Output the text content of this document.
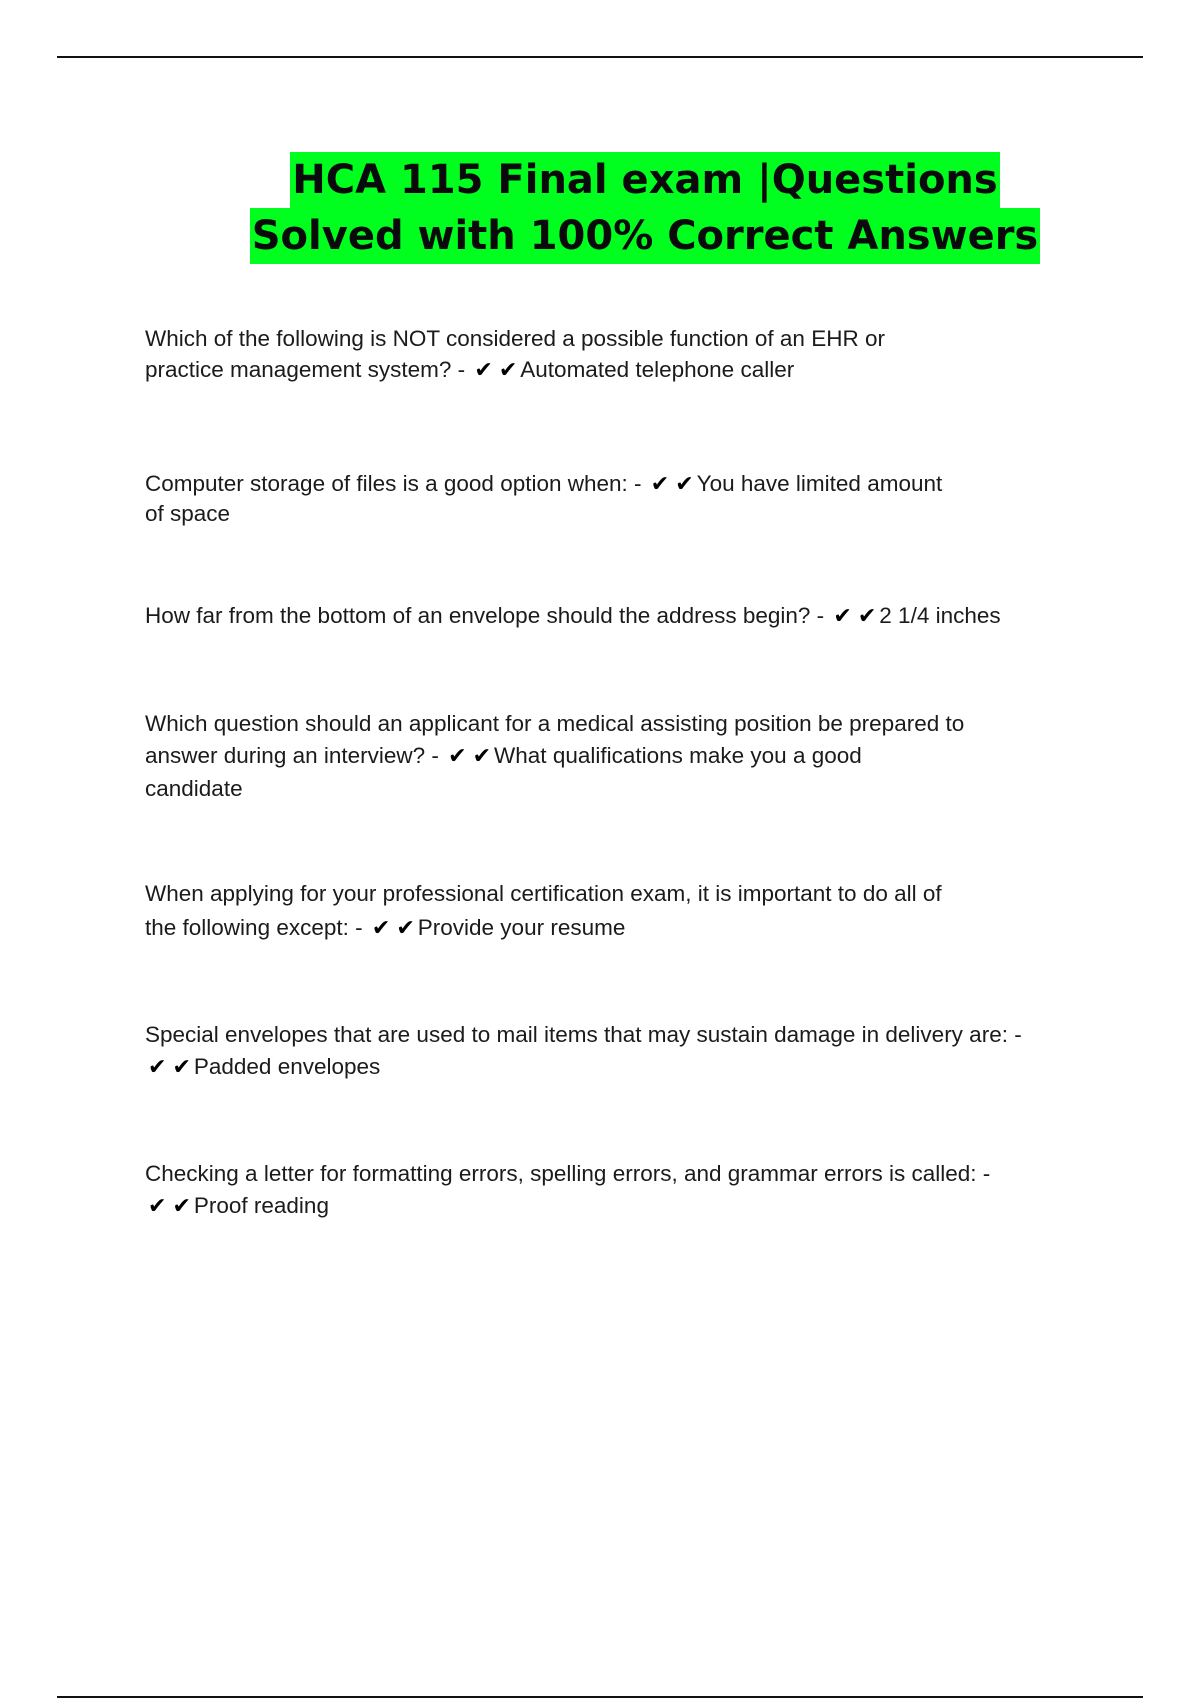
HCA 115 Final exam |Questions
Solved with 100% Correct Answers
Which of the following is NOT considered a possible function of an EHR or
practice management system? - ✔ ✔ Automated telephone caller
Computer storage of files is a good option when: - ✔ ✔ You have limited amount
of space
How far from the bottom of an envelope should the address begin? - ✔ ✔ 2 1/4 inches
Which question should an applicant for a medical assisting position be prepared to
answer during an interview? - ✔ ✔ What qualifications make you a good
candidate
When applying for your professional certification exam, it is important to do all of
the following except: - ✔ ✔ Provide your resume
Special envelopes that are used to mail items that may sustain damage in delivery are: -
✔ ✔ Padded envelopes
Checking a letter for formatting errors, spelling errors, and grammar errors is called: -
✔ ✔ Proof reading
